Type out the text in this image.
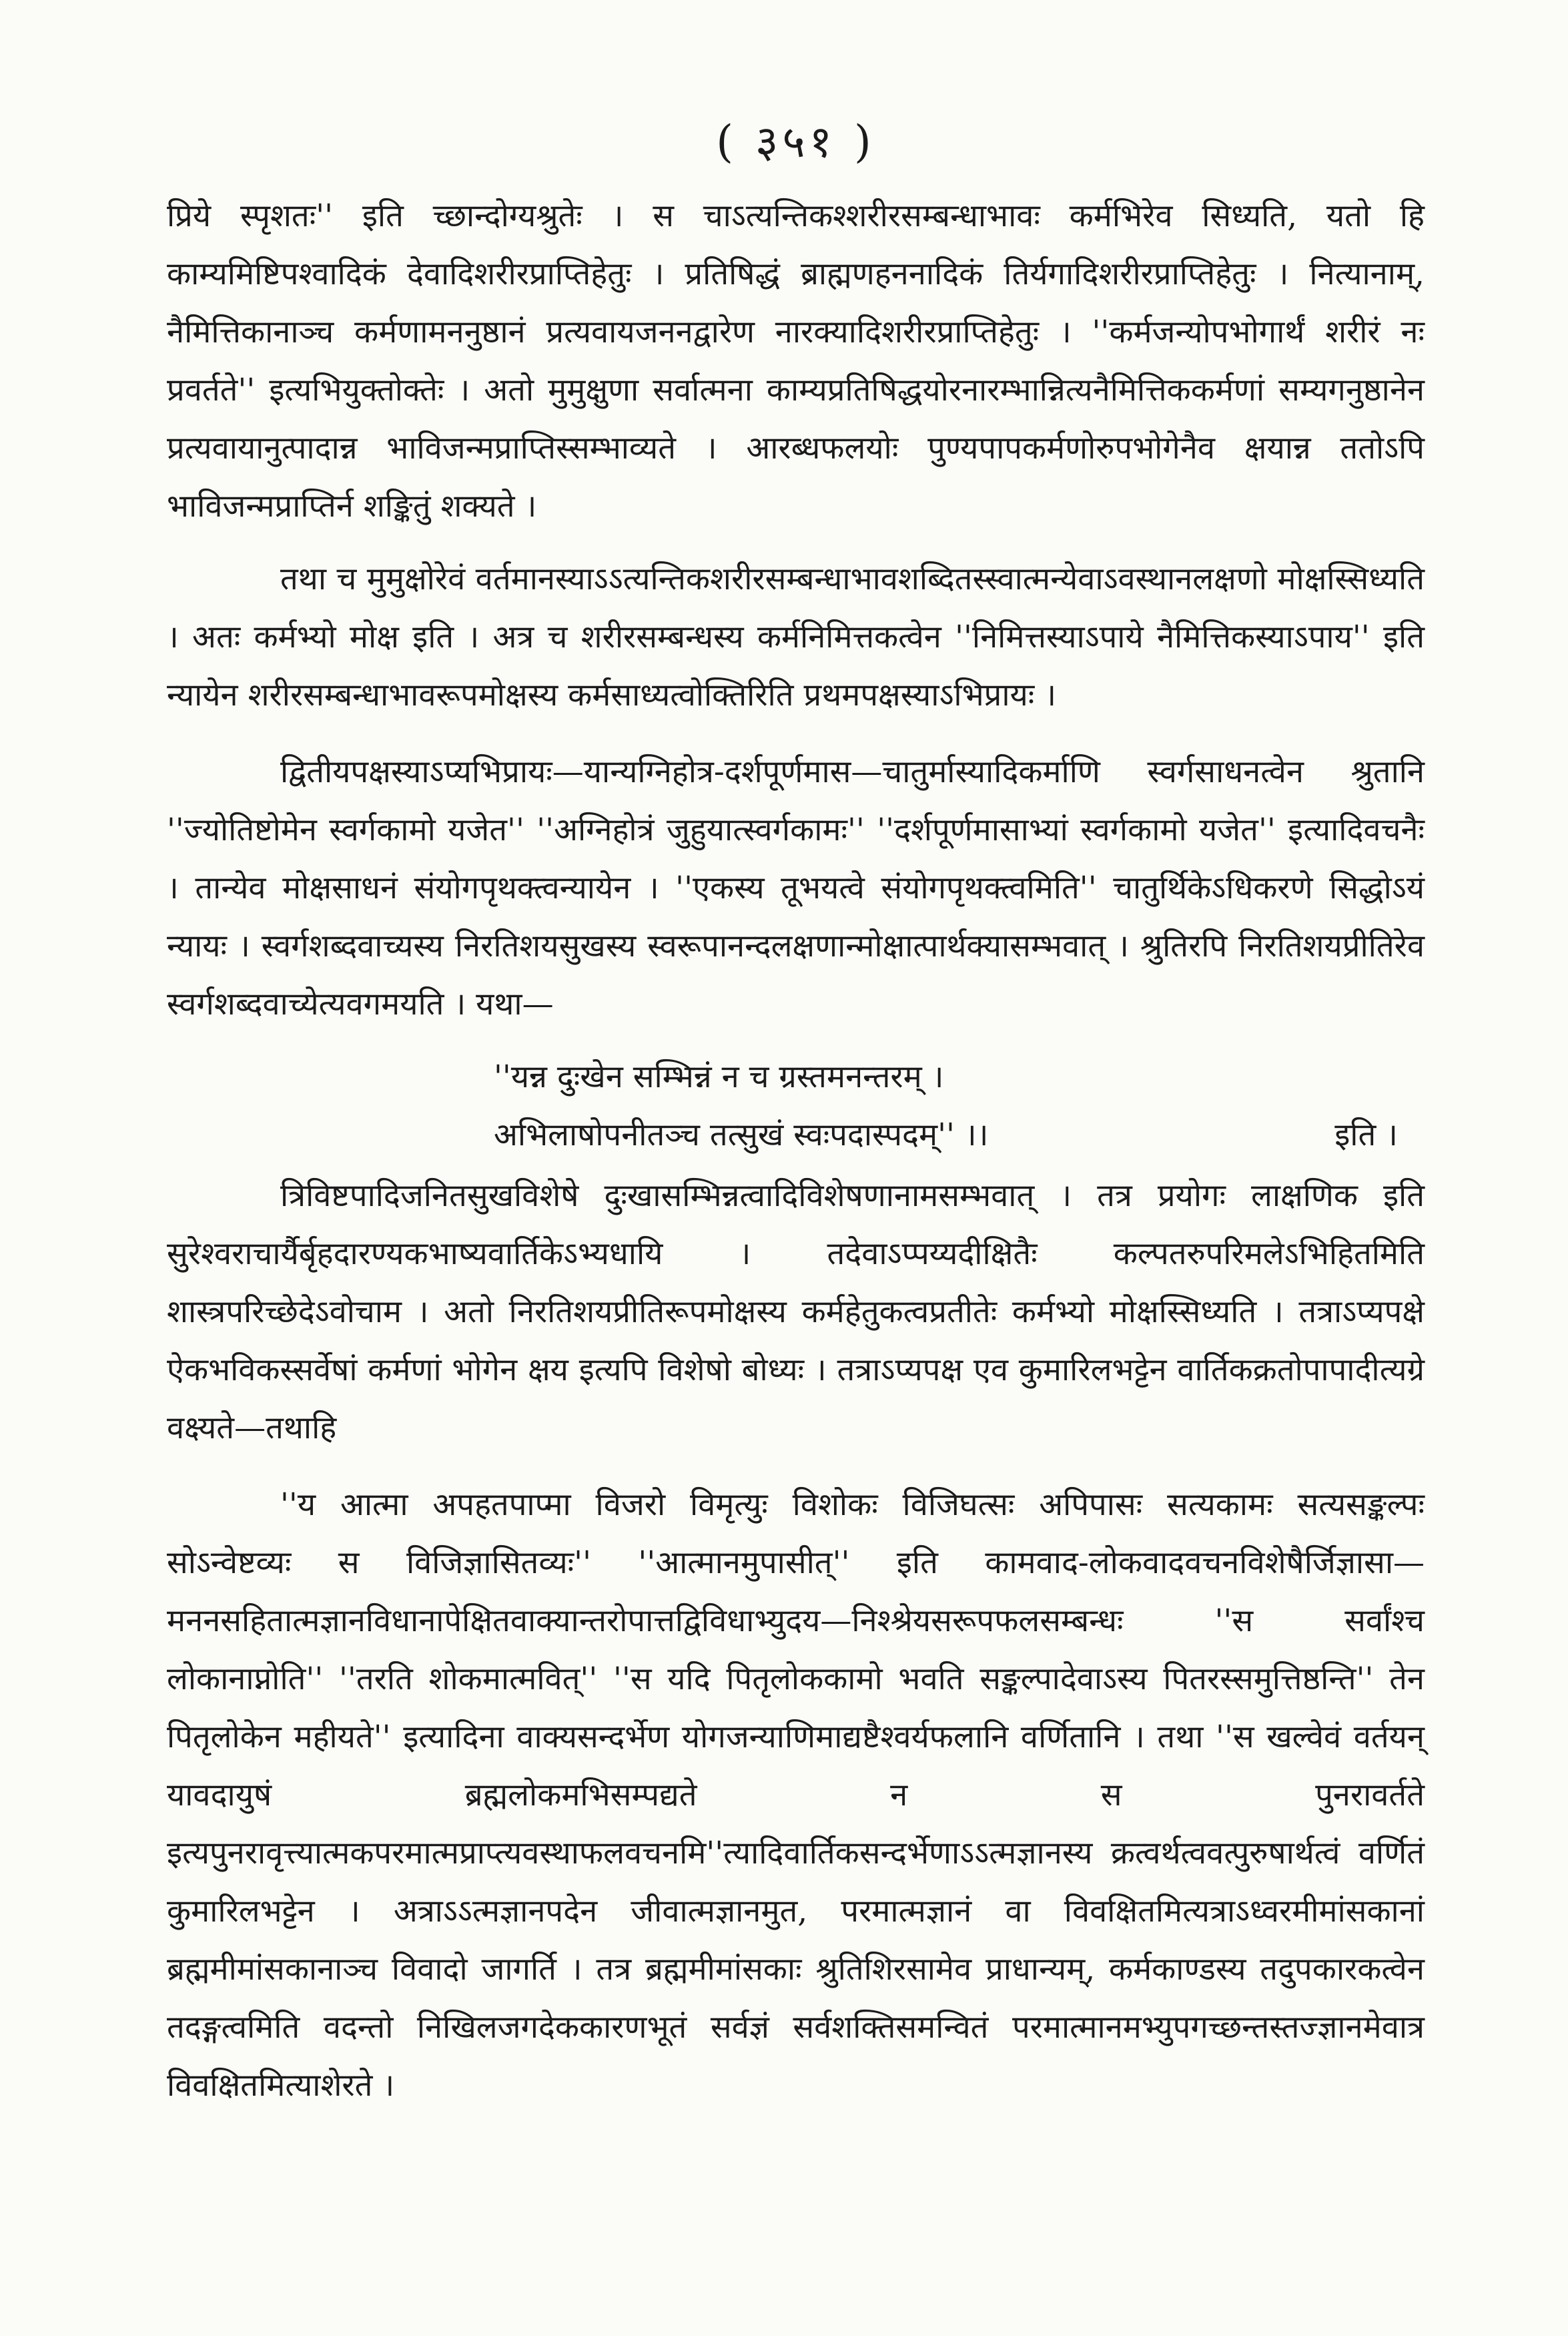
( ३५१ )

प्रिये स्पृशतः'' इति च्छान्दोग्यश्रुतेः । स चाऽत्यन्तिकश्शरीरसम्बन्धाभावः कर्मभिरेव सिध्यति, यतो हि काम्यमिष्टिपश्वादिकं देवादिशरीरप्राप्तिहेतुः । प्रतिषिद्धं ब्राह्मणहननादिकं तिर्यगादिशरीरप्राप्तिहेतुः । नित्यानाम्, नैमित्तिकानाञ्च कर्मणामननुष्ठानं प्रत्यवायजननद्वारेण नारक्यादिशरीरप्राप्तिहेतुः । ''कर्मजन्योपभोगार्थं शरीरं नः प्रवर्तते'' इत्यभियुक्तोक्तेः । अतो मुमुक्षुणा सर्वात्मना काम्यप्रतिषिद्धयोरनारम्भान्नित्यनैमित्तिककर्मणां सम्यगनुष्ठानेन प्रत्यवायानुत्पादान्न भाविजन्मप्राप्तिस्सम्भाव्यते । आरब्धफलयोः पुण्यपापकर्मणोरुपभोगेनैव क्षयान्न ततोऽपि भाविजन्मप्राप्तिर्न शङ्कितुं शक्यते ।

तथा च मुमुक्षोरेवं वर्तमानस्याऽऽत्यन्तिकशरीरसम्बन्धाभावशब्दितस्स्वात्मन्येवाऽवस्थानलक्षणो मोक्षस्सिध्यति । अतः कर्मभ्यो मोक्ष इति । अत्र च शरीरसम्बन्धस्य कर्मनिमित्तकत्वेन ''निमित्तस्याऽपाये नैमित्तिकस्याऽपाय'' इति न्यायेन शरीरसम्बन्धाभावरूपमोक्षस्य कर्मसाध्यत्वोक्तिरिति प्रथमपक्षस्याऽभिप्रायः ।

द्वितीयपक्षस्याऽप्यभिप्रायः—यान्यग्निहोत्र-दर्शपूर्णमास—चातुर्मास्यादिकर्माणि स्वर्गसाधनत्वेन श्रुतानि ''ज्योतिष्टोमेन स्वर्गकामो यजेत'' ''अग्निहोत्रं जुहुयात्स्वर्गकामः'' ''दर्शपूर्णमासाभ्यां स्वर्गकामो यजेत'' इत्यादिवचनैः । तान्येव मोक्षसाधनं संयोगपृथक्त्वन्यायेन । ''एकस्य तूभयत्वे संयोगपृथक्त्वमिति'' चातुर्थिकेऽधिकरणे सिद्धोऽयं न्यायः । स्वर्गशब्दवाच्यस्य निरतिशयसुखस्य स्वरूपानन्दलक्षणान्मोक्षात्पार्थक्यासम्भवात् । श्रुतिरपि निरतिशयप्रीतिरेव स्वर्गशब्दवाच्येत्यवगमयति । यथा—

''यन्न दुःखेन सम्भिन्नं न च ग्रस्तमनन्तरम् ।

अभिलाषोपनीतञ्च तत्सुखं स्वःपदास्पदम्'' ।।	इति ।

त्रिविष्टपादिजनितसुखविशेषे दुःखासम्भिन्नत्वादिविशेषणानामसम्भवात् । तत्र प्रयोगः लाक्षणिक इति सुरेश्वराचार्यैर्बृहदारण्यकभाष्यवार्तिकेऽभ्यधायि । तदेवाऽप्पय्यदीक्षितैः कल्पतरुपरिमलेऽभिहितमिति शास्त्रपरिच्छेदेऽवोचाम । अतो निरतिशयप्रीतिरूपमोक्षस्य कर्महेतुकत्वप्रतीतेः कर्मभ्यो मोक्षस्सिध्यति । तत्राऽप्यपक्षे ऐकभविकस्सर्वेषां कर्मणां भोगेन क्षय इत्यपि विशेषो बोध्यः । तत्राऽप्यपक्ष एव कुमारिलभट्टेन वार्तिकक्रतोपापादीत्यग्रे वक्ष्यते—तथाहि

''य आत्मा अपहतपाप्मा विजरो विमृत्युः विशोकः विजिघत्सः अपिपासः सत्यकामः सत्यसङ्कल्पः सोऽन्वेष्टव्यः स विजिज्ञासितव्यः'' ''आत्मानमुपासीत्'' इति कामवाद-लोकवादवचनविशेषैर्जिज्ञासा—मननसहितात्मज्ञानविधानापेक्षितवाक्यान्तरोपात्तद्विविधाभ्युदय—निश्श्रेयसरूपफलसम्बन्धः ''स सर्वांश्च लोकानाप्नोति'' ''तरति शोकमात्मवित्'' ''स यदि पितृलोककामो भवति सङ्कल्पादेवाऽस्य पितरस्समुत्तिष्ठन्ति'' तेन पितृलोकेन महीयते'' इत्यादिना वाक्यसन्दर्भेण योगजन्याणिमाद्यष्टैश्वर्यफलानि वर्णितानि । तथा ''स खल्वेवं वर्तयन् यावदायुषं ब्रह्मलोकमभिसम्पद्यते न स पुनरावर्तते इत्यपुनरावृत्त्यात्मकपरमात्मप्राप्त्यवस्थाफलवचनमि''त्यादिवार्तिकसन्दर्भेणाऽऽत्मज्ञानस्य क्रत्वर्थत्ववत्पुरुषार्थत्वं वर्णितं कुमारिलभट्टेन । अत्राऽऽत्मज्ञानपदेन जीवात्मज्ञानमुत, परमात्मज्ञानं वा विवक्षितमित्यत्राऽध्वरमीमांसकानां ब्रह्ममीमांसकानाञ्च विवादो जागर्ति । तत्र ब्रह्ममीमांसकाः श्रुतिशिरसामेव प्राधान्यम्, कर्मकाण्डस्य तदुपकारकत्वेन तदङ्गत्वमिति वदन्तो निखिलजगदेककारणभूतं सर्वज्ञं सर्वशक्तिसमन्वितं परमात्मानमभ्युपगच्छन्तस्तज्ज्ञानमेवात्र विवक्षितमित्याशेरते ।
